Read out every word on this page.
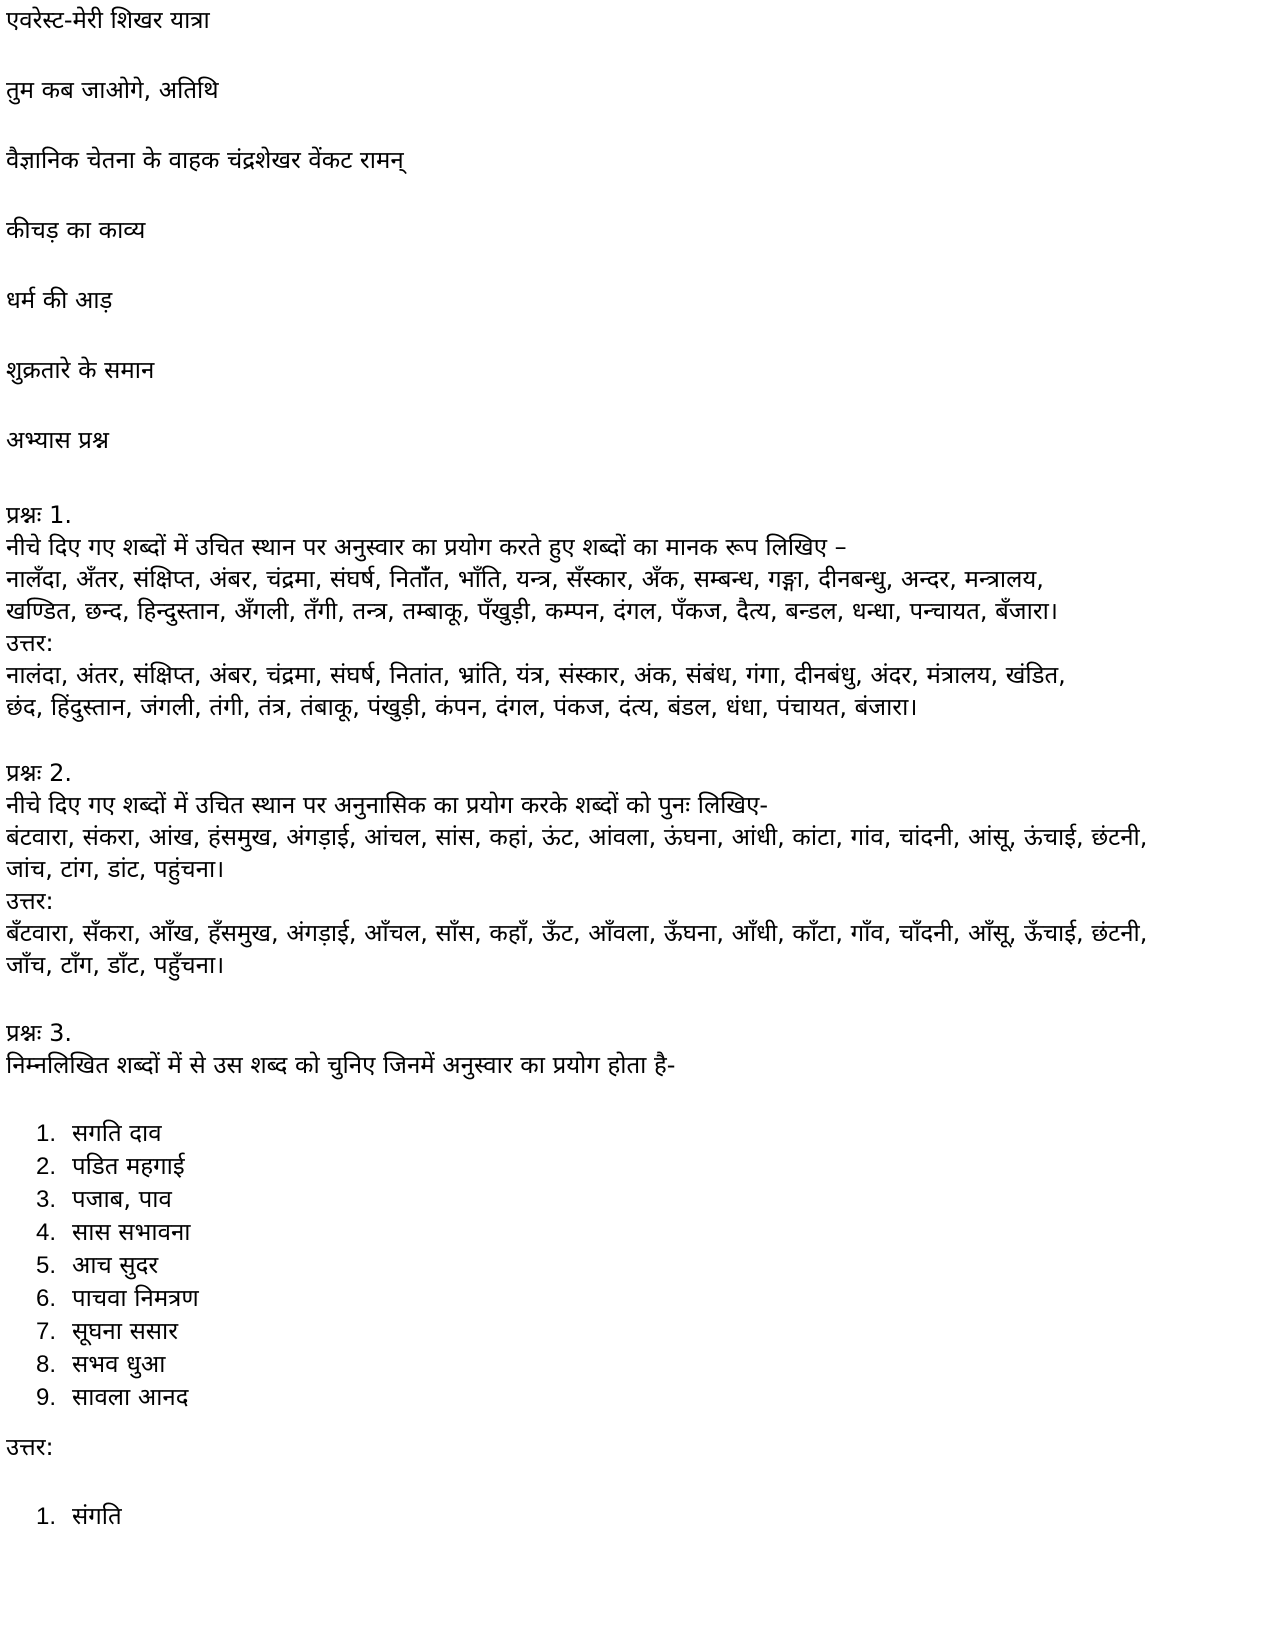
एवरेस्ट-मेरी शिखर यात्रा
तुम कब जाओगे, अतिथि
वैज्ञानिक चेतना के वाहक चंद्रशेखर वेंकट रामन्
कीचड़ का काव्य
धर्म की आड़
शुक्रतारे के समान
अभ्यास प्रश्न
प्रश्नः 1.
नीचे दिए गए शब्दों में उचित स्थान पर अनुस्वार का प्रयोग करते हुए शब्दों का मानक रूप लिखिए –
नालँदा, अँतर, संक्षिप्त, अंबर, चंद्रमा, संघर्ष, नितांँत, भाँति, यन्त्र, सँस्कार, अँक, सम्बन्ध, गङ्गा, दीनबन्धु, अन्दर, मन्त्रालय,
खण्डित, छन्द, हिन्दुस्तान, अँगली, तँगी, तन्त्र, तम्बाकू, पँखुड़ी, कम्पन, दंगल, पँकज, दैत्य, बन्डल, धन्धा, पन्चायत, बँजारा।
उत्तर:
नालंदा, अंतर, संक्षिप्त, अंबर, चंद्रमा, संघर्ष, नितांत, भ्रांति, यंत्र, संस्कार, अंक, संबंध, गंगा, दीनबंधु, अंदर, मंत्रालय, खंडित,
छंद, हिंदुस्तान, जंगली, तंगी, तंत्र, तंबाकू, पंखुड़ी, कंपन, दंगल, पंकज, दंत्य, बंडल, धंधा, पंचायत, बंजारा।
प्रश्नः 2.
नीचे दिए गए शब्दों में उचित स्थान पर अनुनासिक का प्रयोग करके शब्दों को पुनः लिखिए-
बंटवारा, संकरा, आंख, हंसमुख, अंगड़ाई, आंचल, सांस, कहां, ऊंट, आंवला, ऊंघना, आंधी, कांटा, गांव, चांदनी, आंसू, ऊंचाई, छंटनी,
जांच, टांग, डांट, पहुंचना।
उत्तर:
बँटवारा, सँकरा, आँख, हँसमुख, अंगड़ाई, आँचल, साँस, कहाँ, ऊँट, आँवला, ऊँघना, आँधी, काँटा, गाँव, चाँदनी, आँसू, ऊँचाई, छंटनी,
जाँच, टाँग, डाँट, पहुँचना।
प्रश्नः 3.
निम्नलिखित शब्दों में से उस शब्द को चुनिए जिनमें अनुस्वार का प्रयोग होता है-
1. सगति दाव
2. पडित महगाई
3. पजाब, पाव
4. सास सभावना
5. आच सुदर
6. पाचवा निमत्रण
7. सूघना ससार
8. सभव धुआ
9. सावला आनद
उत्तर:
1. संगति
